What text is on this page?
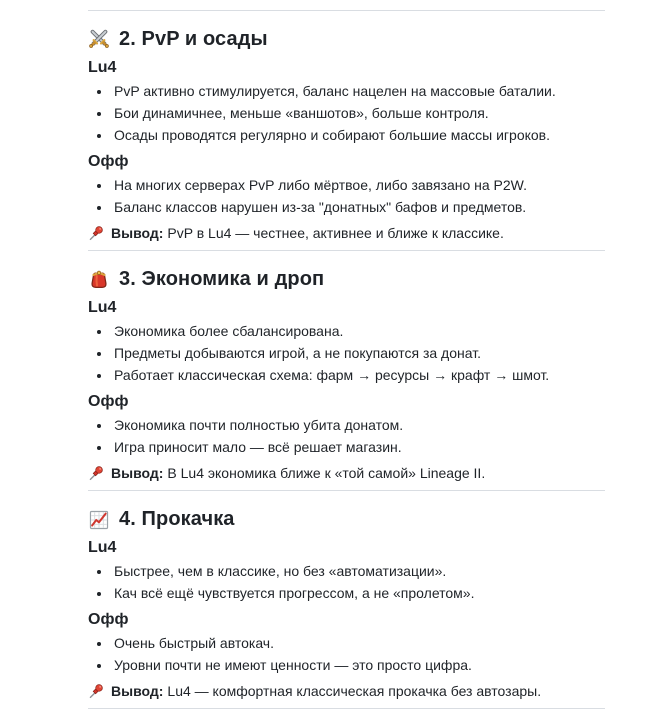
2. PvP и осады
Lu4
• PvP активно стимулируется, баланс нацелен на массовые баталии.
• Бои динамичнее, меньше «ваншотов», больше контроля.
• Осады проводятся регулярно и собирают большие массы игроков.
Офф
• На многих серверах PvP либо мёртвое, либо завязано на P2W.
• Баланс классов нарушен из-за "донатных" бафов и предметов.

Вывод: PvP в Lu4 — честнее, активнее и ближе к классике.

3. Экономика и дроп
Lu4
• Экономика более сбалансирована.
• Предметы добываются игрой, а не покупаются за донат.
• Работает классическая схема: фарм → ресурсы → крафт → шмот.
Офф
• Экономика почти полностью убита донатом.
• Игра приносит мало — всё решает магазин.

Вывод: В Lu4 экономика ближе к «той самой» Lineage II.

4. Прокачка
Lu4
• Быстрее, чем в классике, но без «автоматизации».
• Кач всё ещё чувствуется прогрессом, а не «пролетом».
Офф
• Очень быстрый автокач.
• Уровни почти не имеют ценности — это просто цифра.

Вывод: Lu4 — комфортная классическая прокачка без автозары.
